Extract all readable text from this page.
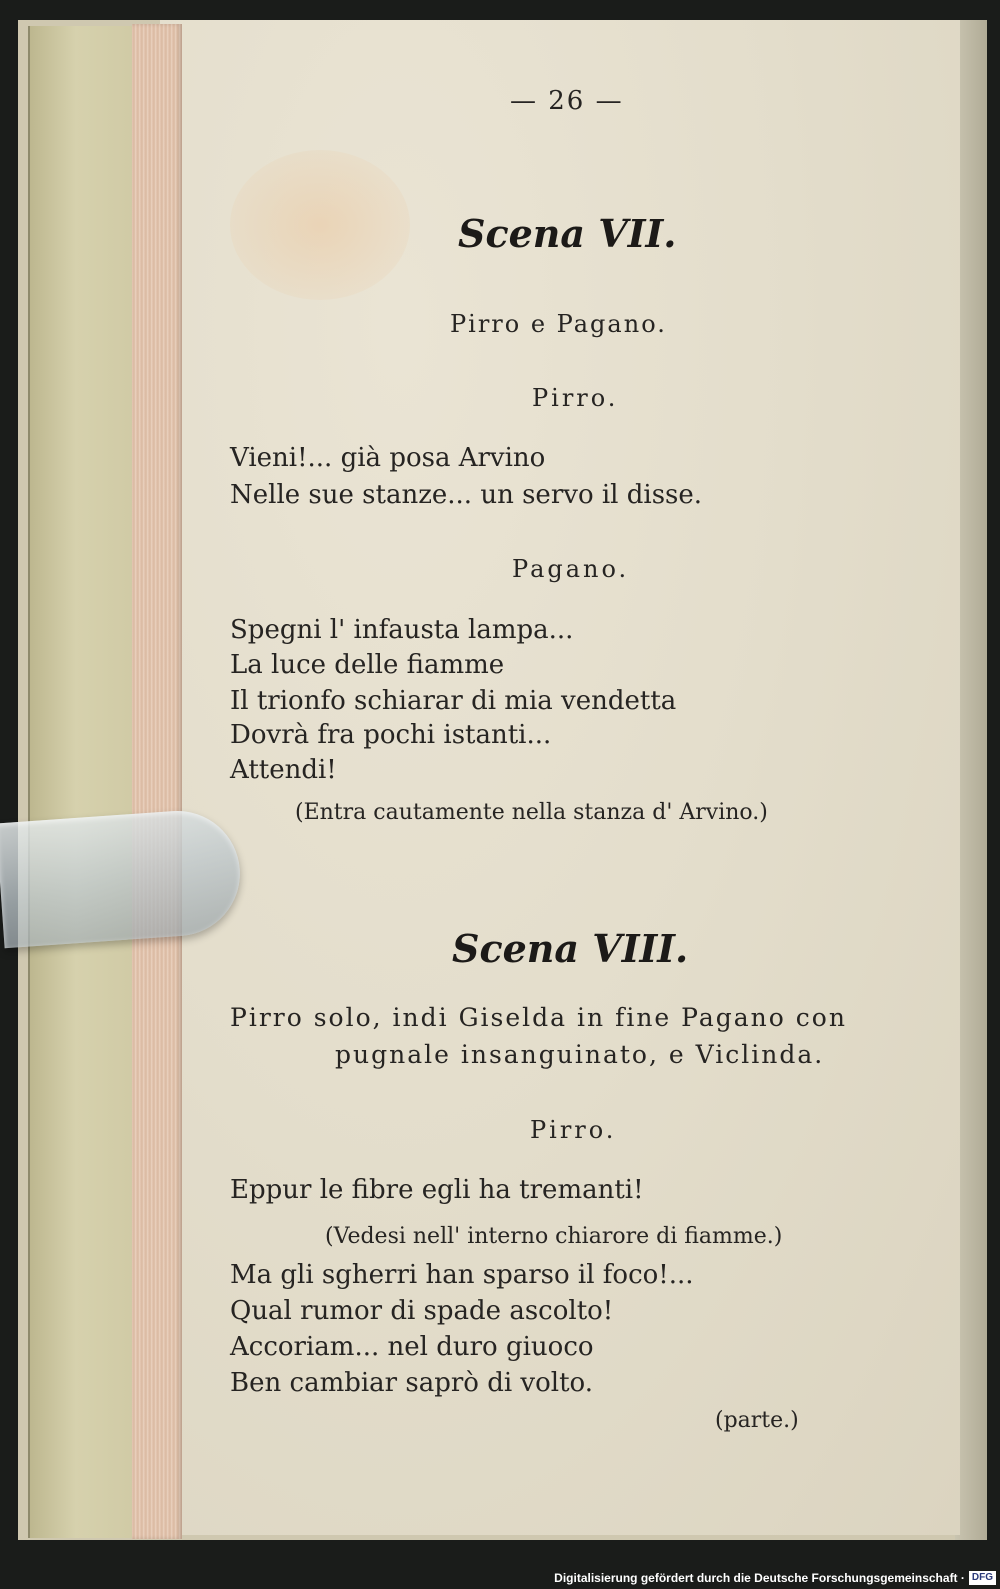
— 26 —
Scena VII.
Pirro e Pagano.
Pirro.
Vieni!... già posa Arvino
Nelle sue stanze... un servo il disse.
Pagano.
Spegni l' infausta lampa...
La luce delle fiamme
Il trionfo schiarar di mia vendetta
Dovrà fra pochi istanti...
Attendi!
(Entra cautamente nella stanza d' Arvino.)
Scena VIII.
Pirro solo, indi Giselda in fine Pagano con
pugnale insanguinato, e Viclinda.
Pirro.
Eppur le fibre egli ha tremanti!
(Vedesi nell' interno chiarore di fiamme.)
Ma gli sgherri han sparso il foco!...
Qual rumor di spade ascolto!
Accoriam... nel duro giuoco
Ben cambiar saprò di volto.
(parte.)
Digitalisierung gefördert durch die Deutsche Forschungsgemeinschaft · DFG
